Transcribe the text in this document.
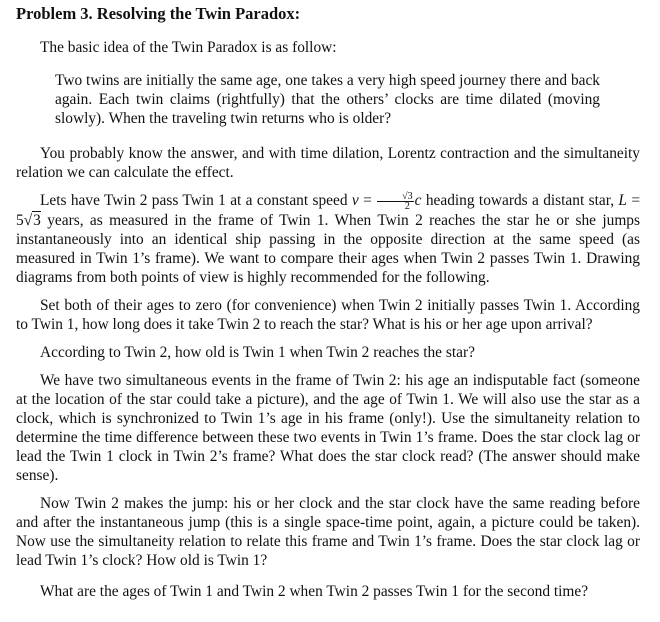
Problem 3. Resolving the Twin Paradox:

The basic idea of the Twin Paradox is as follow:

Two twins are initially the same age, one takes a very high speed journey there and back again. Each twin claims (rightfully) that the others’ clocks are time dilated (moving slowly). When the traveling twin returns who is older?

You probably know the answer, and with time dilation, Lorentz contraction and the simultaneity relation we can calculate the effect.

Lets have Twin 2 pass Twin 1 at a constant speed $v = \frac{√3}{2}$ c heading towards a distant star, L = 5√3 years, as measured in the frame of Twin 1. When Twin 2 reaches the star he or she jumps instantaneously into an identical ship passing in the opposite direction at the same speed (as measured in Twin 1’s frame). We want to compare their ages when Twin 2 passes Twin 1. Drawing diagrams from both points of view is highly recommended for the following.

Set both of their ages to zero (for convenience) when Twin 2 initially passes Twin 1. According to Twin 1, how long does it take Twin 2 to reach the star? What is his or her age upon arrival?

According to Twin 2, how old is Twin 1 when Twin 2 reaches the star?

We have two simultaneous events in the frame of Twin 2: his age an indisputable fact (someone at the location of the star could take a picture), and the age of Twin 1. We will also use the star as a clock, which is synchronized to Twin 1’s age in his frame (only!). Use the simultaneity relation to determine the time difference between these two events in Twin 1’s frame. Does the star clock lag or lead the Twin 1 clock in Twin 2’s frame? What does the star clock read? (The answer should make sense).

Now Twin 2 makes the jump: his or her clock and the star clock have the same reading before and after the instantaneous jump (this is a single space-time point, again, a picture could be taken). Now use the simultaneity relation to relate this frame and Twin 1’s frame. Does the star clock lag or lead Twin 1’s clock? How old is Twin 1?

What are the ages of Twin 1 and Twin 2 when Twin 2 passes Twin 1 for the second time?
